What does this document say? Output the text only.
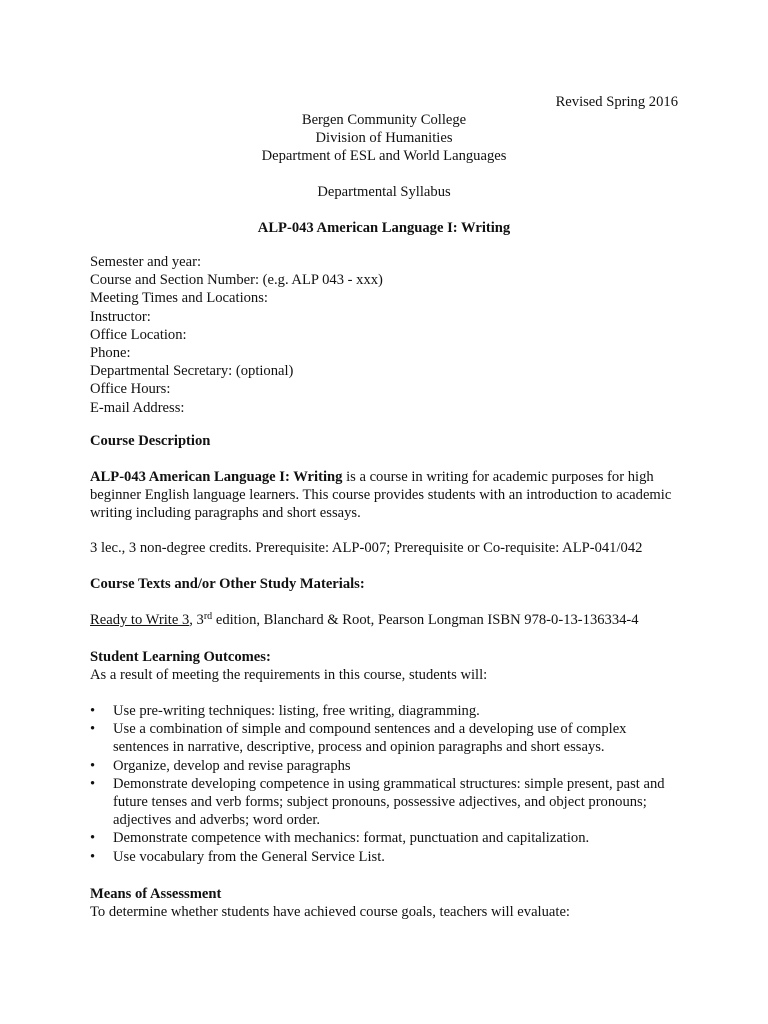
Revised Spring 2016
Bergen Community College
Division of Humanities
Department of ESL and World Languages
Departmental Syllabus
ALP-043 American Language I: Writing

Semester and year:

Course and Section Number: (e.g. ALP 043 - xxx)

Meeting Times and Locations:

Instructor:

Office Location:

Phone:

Departmental Secretary: (optional)

Office Hours:

E-mail Address:

Course Description
ALP-043 American Language I: Writing is a course in writing for academic purposes for high beginner English language learners. This course provides students with an introduction to academic writing including paragraphs and short essays.
3 lec., 3 non-degree credits. Prerequisite: ALP-007; Prerequisite or Co-requisite: ALP-041/042
Course Texts and/or Other Study Materials:
Ready to Write 3, 3rd edition, Blanchard & Root, Pearson Longman ISBN 978-0-13-136334-4
Student Learning Outcomes:
As a result of meeting the requirements in this course, students will:
• Use pre-writing techniques: listing, free writing, diagramming.
• Use a combination of simple and compound sentences and a developing use of complex sentences in narrative, descriptive, process and opinion paragraphs and short essays.
• Organize, develop and revise paragraphs
• Demonstrate developing competence in using grammatical structures: simple present, past and future tenses and verb forms; subject pronouns, possessive adjectives, and object pronouns; adjectives and adverbs; word order.
• Demonstrate competence with mechanics: format, punctuation and capitalization.
• Use vocabulary from the General Service List.
Means of Assessment
To determine whether students have achieved course goals, teachers will evaluate:
